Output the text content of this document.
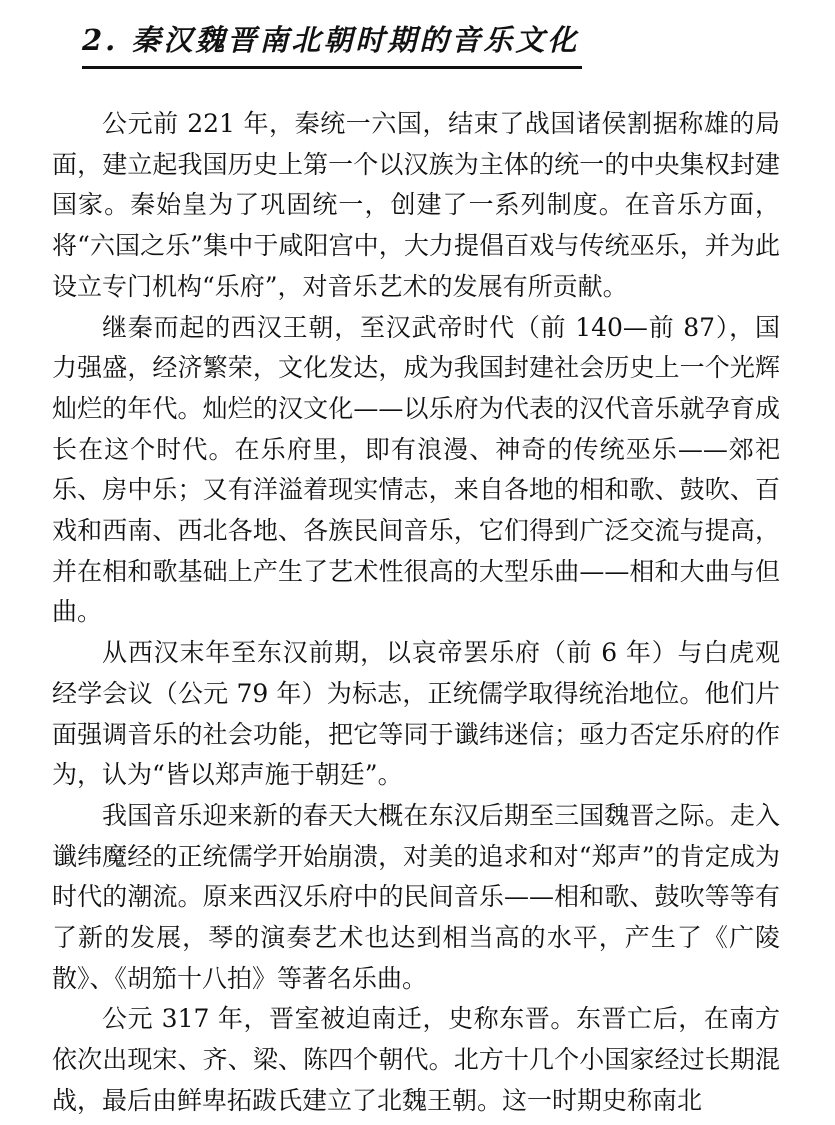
2. 秦汉魏晋南北朝时期的音乐文化

公元前 221 年，秦统一六国，结束了战国诸侯割据称雄的局面，建立起我国历史上第一个以汉族为主体的统一的中央集权封建国家。秦始皇为了巩固统一，创建了一系列制度。在音乐方面，将“六国之乐”集中于咸阳宫中，大力提倡百戏与传统巫乐，并为此设立专门机构“乐府”，对音乐艺术的发展有所贡献。

继秦而起的西汉王朝，至汉武帝时代（前 140—前 87），国力强盛，经济繁荣，文化发达，成为我国封建社会历史上一个光辉灿烂的年代。灿烂的汉文化——以乐府为代表的汉代音乐就孕育成长在这个时代。在乐府里，即有浪漫、神奇的传统巫乐——郊祀乐、房中乐；又有洋溢着现实情志，来自各地的相和歌、鼓吹、百戏和西南、西北各地、各族民间音乐，它们得到广泛交流与提高，并在相和歌基础上产生了艺术性很高的大型乐曲——相和大曲与但曲。

从西汉末年至东汉前期，以哀帝罢乐府（前 6 年）与白虎观经学会议（公元 79 年）为标志，正统儒学取得统治地位。他们片面强调音乐的社会功能，把它等同于谶纬迷信；亟力否定乐府的作为，认为“皆以郑声施于朝廷”。

我国音乐迎来新的春天大概在东汉后期至三国魏晋之际。走入谶纬魔经的正统儒学开始崩溃，对美的追求和对“郑声”的肯定成为时代的潮流。原来西汉乐府中的民间音乐——相和歌、鼓吹等等有了新的发展，琴的演奏艺术也达到相当高的水平，产生了《广陵散》、《胡笳十八拍》等著名乐曲。

公元 317 年，晋室被迫南迁，史称东晋。东晋亡后，在南方依次出现宋、齐、梁、陈四个朝代。北方十几个小国家经过长期混战，最后由鲜卑拓跋氏建立了北魏王朝。这一时期史称南北
